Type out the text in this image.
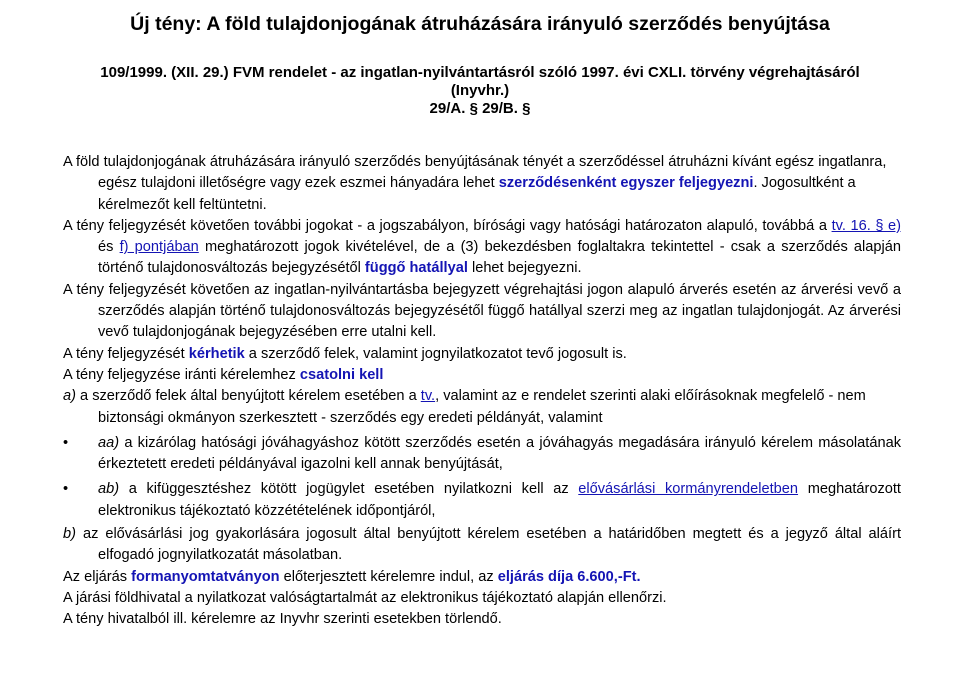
Új tény: A föld tulajdonjogának átruházására irányuló szerződés benyújtása
109/1999. (XII. 29.) FVM rendelet - az ingatlan-nyilvántartásról szóló 1997. évi CXLI. törvény végrehajtásáról
(Inyvhr.)
29/A. § 29/B. §

A föld tulajdonjogának átruházására irányuló szerződés benyújtásának tényét a szerződéssel átruházni kívánt egész ingatlanra, egész tulajdoni illetőségre vagy ezek eszmei hányadára lehet szerződésenként egyszer feljegyezni. Jogosultként a kérelmezőt kell feltüntetni.

A tény feljegyzését követően további jogokat - a jogszabályon, bírósági vagy hatósági határozaton alapuló, továbbá a tv. 16. § e) és f) pontjában meghatározott jogok kivételével, de a (3) bekezdésben foglaltakra tekintettel - csak a szerződés alapján történő tulajdonosváltozás bejegyzésétől függő hatállyal lehet bejegyezni.

A tény feljegyzését követően az ingatlan-nyilvántartásba bejegyzett végrehajtási jogon alapuló árverés esetén az árverési vevő a szerződés alapján történő tulajdonosváltozás bejegyzésétől függő hatállyal szerzi meg az ingatlan tulajdonjogát. Az árverési vevő tulajdonjogának bejegyzésében erre utalni kell.

A tény feljegyzését kérhetik a szerződő felek, valamint jognyilatkozatot tevő jogosult is.

A tény feljegyzése iránti kérelemhez csatolni kell

a) a szerződő felek által benyújtott kérelem esetében a tv., valamint az e rendelet szerinti alaki előírásoknak megfelelő - nem biztonsági okmányon szerkesztett - szerződés egy eredeti példányát, valamint

• aa) a kizárólag hatósági jóváhagyáshoz kötött szerződés esetén a jóváhagyás megadására irányuló kérelem másolatának érkeztetett eredeti példányával igazolni kell annak benyújtását,

• ab) a kifüggesztéshez kötött jogügylet esetében nyilatkozni kell az elővásárlási kormányrendeletben meghatározott elektronikus tájékoztató közzétételének időpontjáról,

b) az elővásárlási jog gyakorlására jogosult által benyújtott kérelem esetében a határidőben megtett és a jegyző által aláírt elfogadó jognyilatkozatát másolatban.

Az eljárás formanyomtatványon előterjesztett kérelemre indul, az eljárás díja 6.600,-Ft.

A járási földhivatal a nyilatkozat valóságtartalmát az elektronikus tájékoztató alapján ellenőrzi.

A tény hivatalból ill. kérelemre az Inyvhr szerinti esetekben törlendő.
